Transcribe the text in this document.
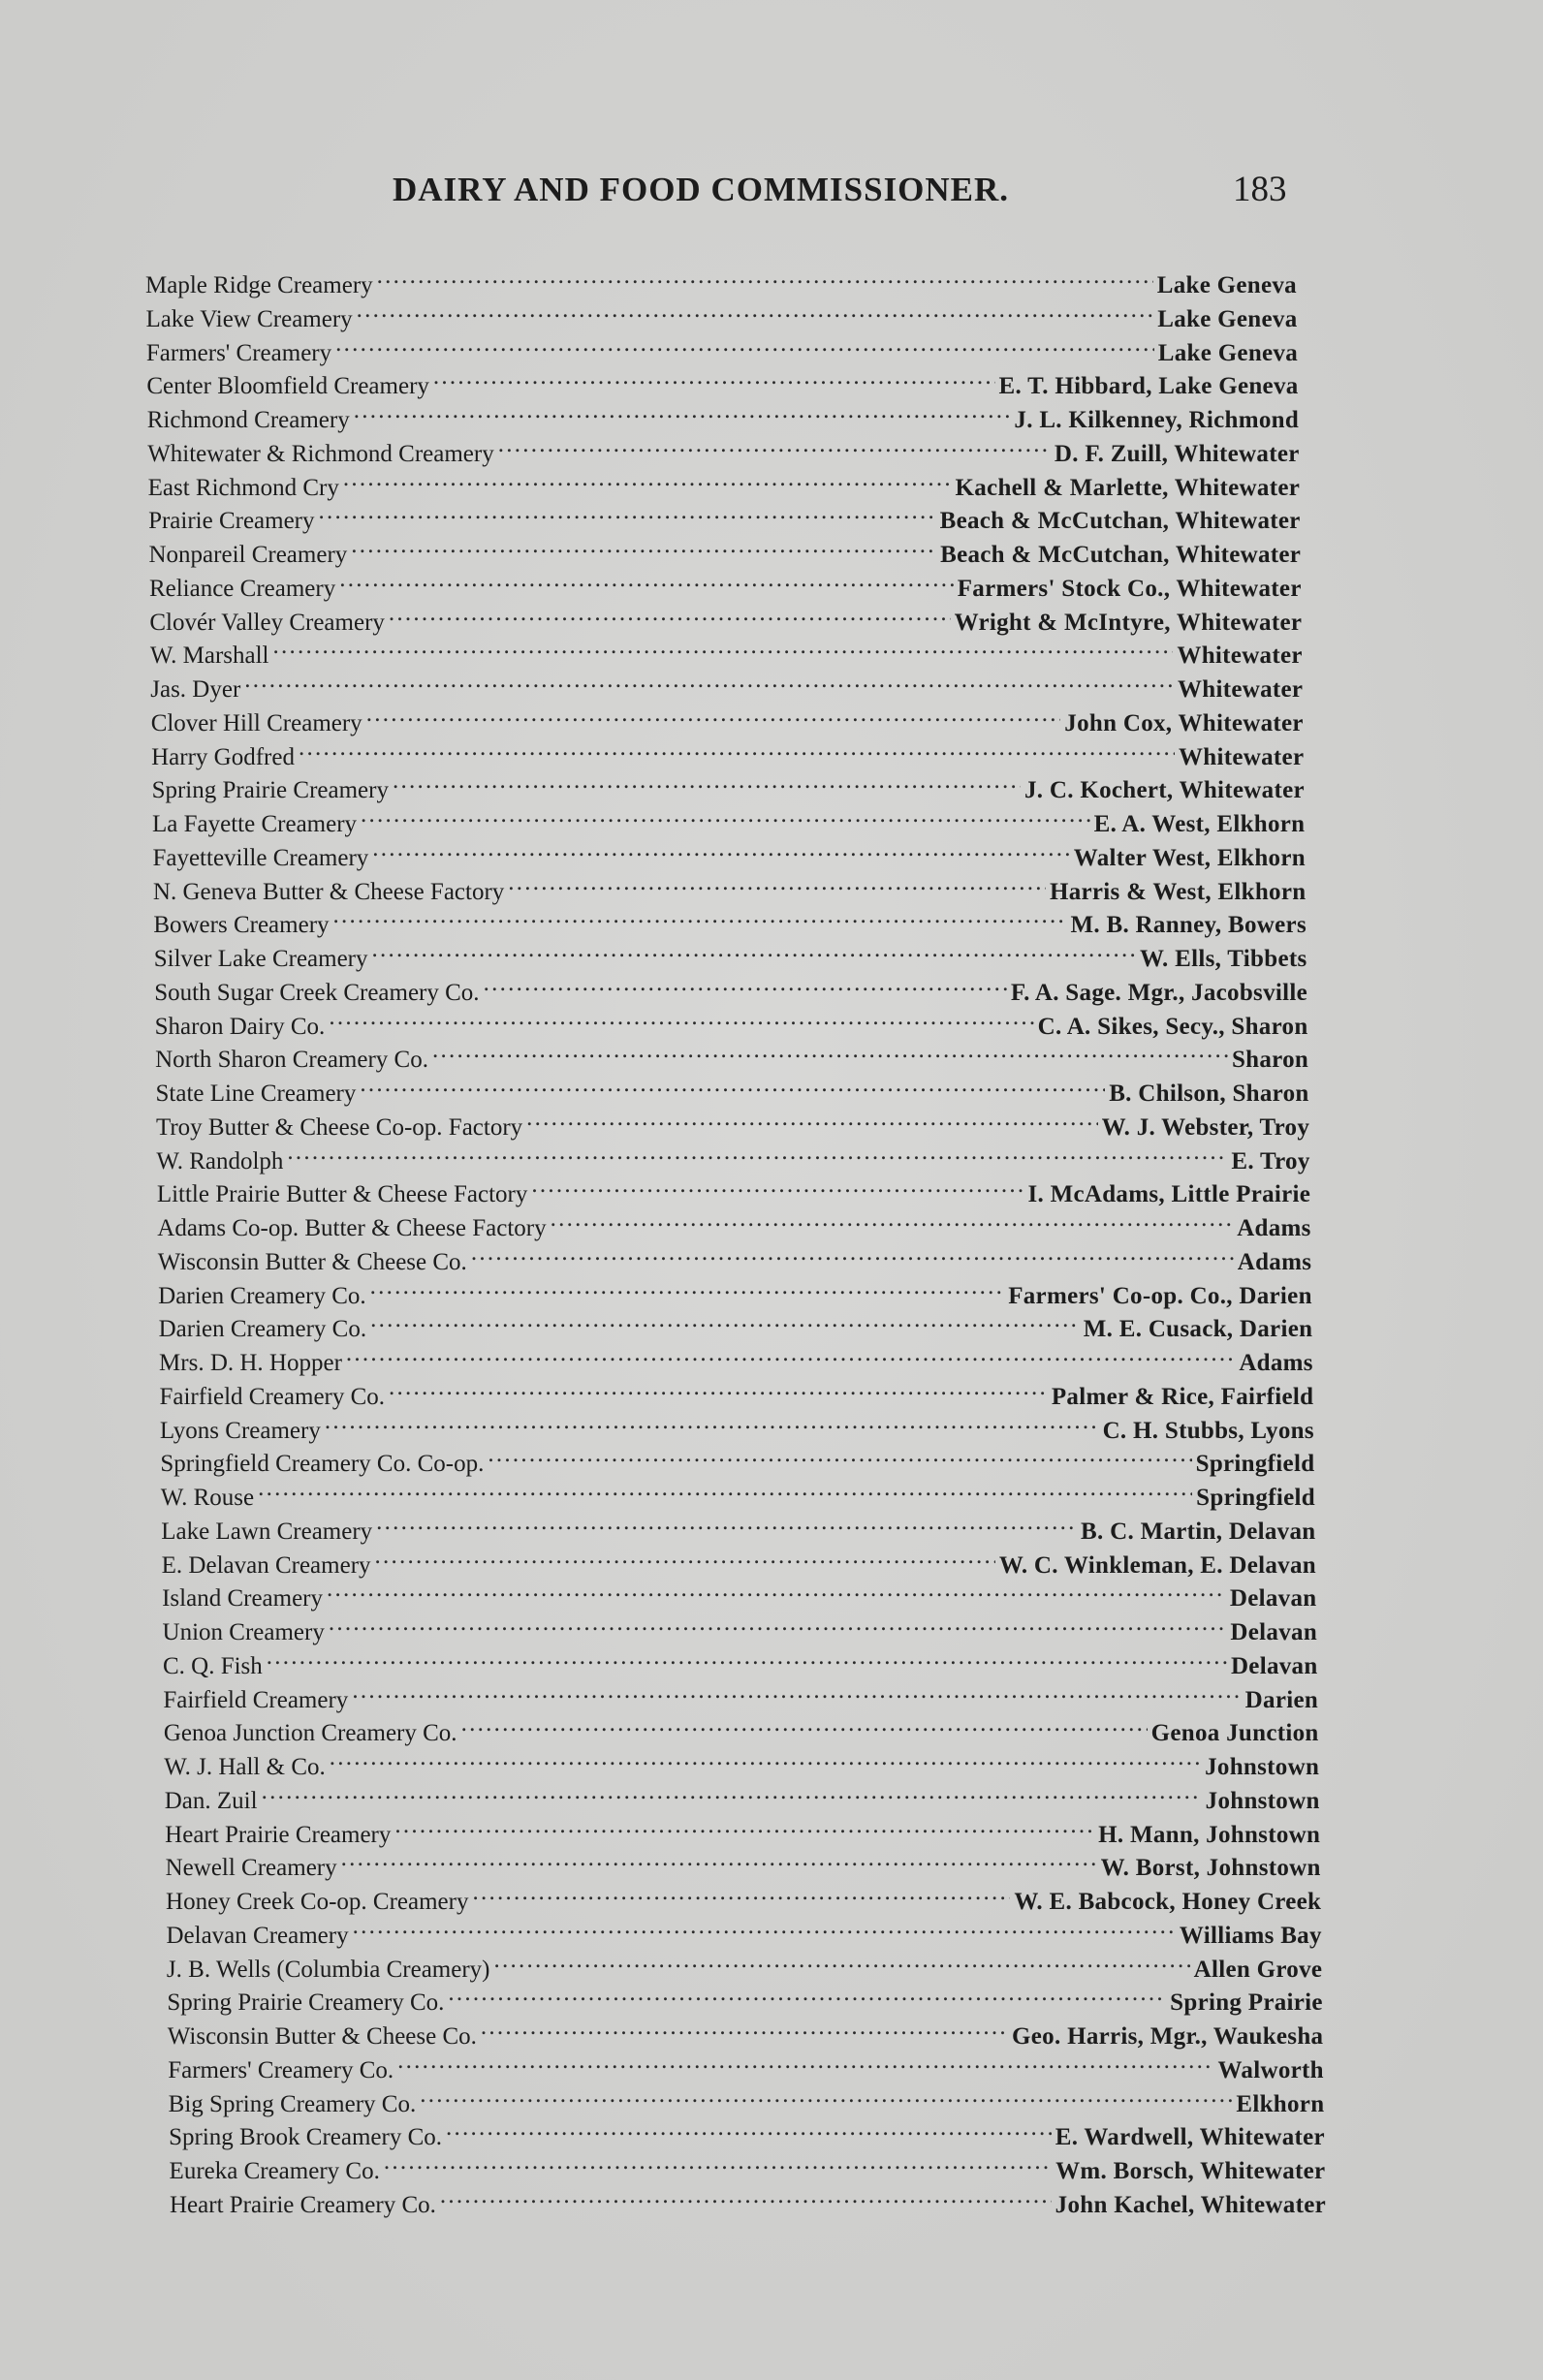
DAIRY AND FOOD COMMISSIONER.	183
Maple Ridge Creamery . . .	Lake Geneva
Lake View Creamery . . .	Lake Geneva
Farmers' Creamery . . .	Lake Geneva
Center Bloomfield Creamery . . .	E. T. Hibbard, Lake Geneva
Richmond Creamery . . .	J. L. Kilkenney, Richmond
Whitewater & Richmond Creamery . . .	D. F. Zuill, Whitewater
East Richmond Cry . . .	Kachell & Marlette, Whitewater
Prairie Creamery . . .	Beach & McCutchan, Whitewater
Nonpareil Creamery . . .	Beach & McCutchan, Whitewater
Reliance Creamery . . .	Farmers' Stock Co., Whitewater
Clovér Valley Creamery . . .	Wright & McIntyre, Whitewater
W. Marshall . . .	Whitewater
Jas. Dyer . . .	Whitewater
Clover Hill Creamery . . .	John Cox, Whitewater
Harry Godfred . . .	Whitewater
Spring Prairie Creamery . . .	J. C. Kochert, Whitewater
La Fayette Creamery . . .	E. A. West, Elkhorn
Fayetteville Creamery . . .	Walter West, Elkhorn
N. Geneva Butter & Cheese Factory . . .	Harris & West, Elkhorn
Bowers Creamery . . .	M. B. Ranney, Bowers
Silver Lake Creamery . . .	W. Ells, Tibbets
South Sugar Creek Creamery Co. . . .	F. A. Sage. Mgr., Jacobsville
Sharon Dairy Co. . . .	C. A. Sikes, Secy., Sharon
North Sharon Creamery Co. . . .	Sharon
State Line Creamery . . .	B. Chilson, Sharon
Troy Butter & Cheese Co-op. Factory . . .	W. J. Webster, Troy
W. Randolph . . .	E. Troy
Little Prairie Butter & Cheese Factory . . .	I. McAdams, Little Prairie
Adams Co-op. Butter & Cheese Factory . . .	Adams
Wisconsin Butter & Cheese Co. . . .	Adams
Darien Creamery Co. . . .	Farmers' Co-op. Co., Darien
Darien Creamery Co. . . .	M. E. Cusack, Darien
Mrs. D. H. Hopper . . .	Adams
Fairfield Creamery Co. . . .	Palmer & Rice, Fairfield
Lyons Creamery . . .	C. H. Stubbs, Lyons
Springfield Creamery Co. Co-op. . . .	Springfield
W. Rouse . . .	Springfield
Lake Lawn Creamery . . .	B. C. Martin, Delavan
E. Delavan Creamery . . .	W. C. Winkleman, E. Delavan
Island Creamery . . .	Delavan
Union Creamery . . .	Delavan
C. Q. Fish . . .	Delavan
Fairfield Creamery . . .	Darien
Genoa Junction Creamery Co. . . .	Genoa Junction
W. J. Hall & Co. . . .	Johnstown
Dan. Zuil . . .	Johnstown
Heart Prairie Creamery . . .	H. Mann, Johnstown
Newell Creamery . . .	W. Borst, Johnstown
Honey Creek Co-op. Creamery . . .	W. E. Babcock, Honey Creek
Delavan Creamery . . .	Williams Bay
J. B. Wells (Columbia Creamery) . . .	Allen Grove
Spring Prairie Creamery Co. . . .	Spring Prairie
Wisconsin Butter & Cheese Co. . . .	Geo. Harris, Mgr., Waukesha
Farmers' Creamery Co. . . .	Walworth
Big Spring Creamery Co. . . .	Elkhorn
Spring Brook Creamery Co. . . .	E. Wardwell, Whitewater
Eureka Creamery Co. . . .	Wm. Borsch, Whitewater
Heart Prairie Creamery Co. . . .	John Kachel, Whitewater
